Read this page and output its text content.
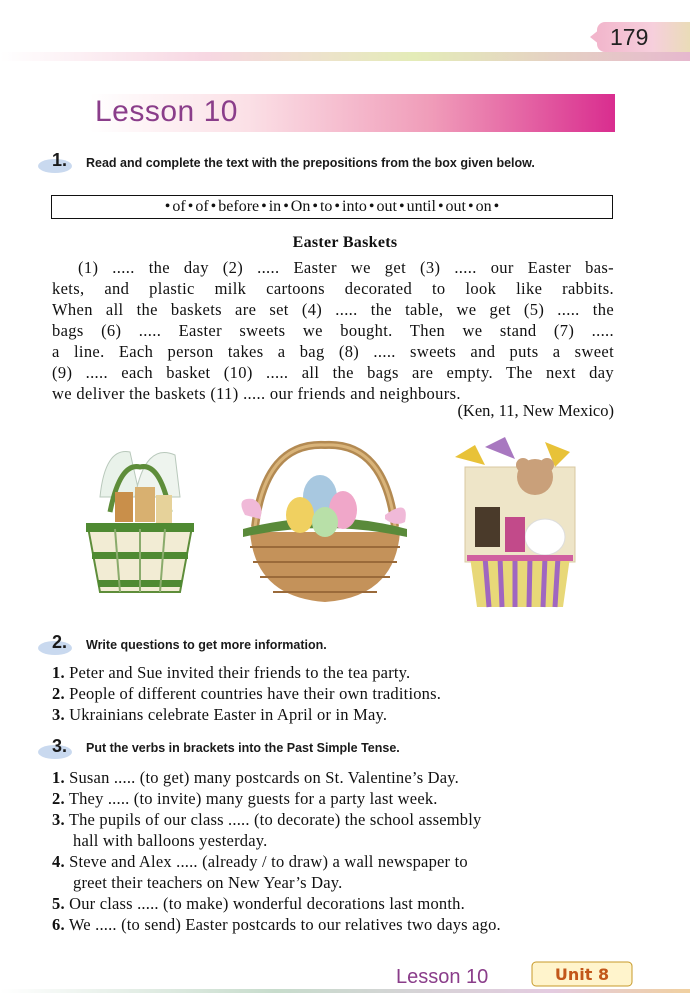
179
Lesson 10
1. Read and complete the text with the prepositions from the box given below.
• of • of • before • in • On • to • into • out • until • out • on •
Easter Baskets
(1) ..... the day (2) ..... Easter we get (3) ..... our Easter bas-
kets, and plastic milk cartoons decorated to look like rabbits.
When all the baskets are set (4) ..... the table, we get (5) ..... the
bags (6) ..... Easter sweets we bought. Then we stand (7) .....
a line. Each person takes a bag (8) ..... sweets and puts a sweet
(9) ..... each basket (10) ..... all the bags are empty. The next day
we deliver the baskets (11) ..... our friends and neighbours.
(Ken, 11, New Mexico)
2. Write questions to get more information.
1. Peter and Sue invited their friends to the tea party.
2. People of different countries have their own traditions.
3. Ukrainians celebrate Easter in April or in May.
3. Put the verbs in brackets into the Past Simple Tense.
1. Susan ..... (to get) many postcards on St. Valentine’s Day.
2. They ..... (to invite) many guests for a party last week.
3. The pupils of our class ..... (to decorate) the school assembly
hall with balloons yesterday.
4. Steve and Alex ..... (already / to draw) a wall newspaper to
greet their teachers on New Year’s Day.
5. Our class ..... (to make) wonderful decorations last month.
6. We ..... (to send) Easter postcards to our relatives two days ago.
Lesson 10	Unit 8
